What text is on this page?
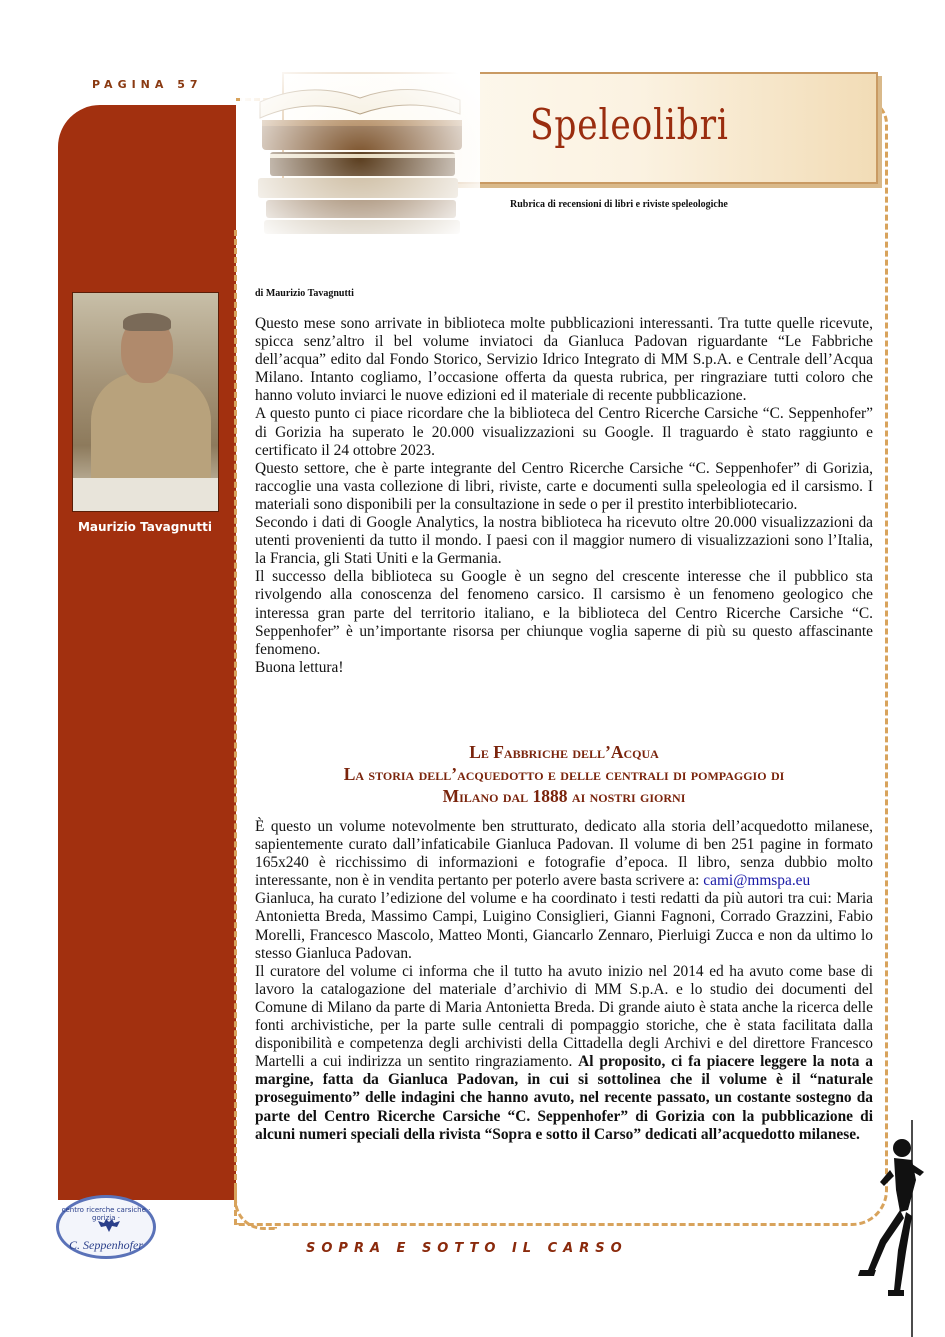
PAGINA 57
Speleolibri
Rubrica di recensioni di libri e riviste speleologiche
Maurizio Tavagnutti
di Maurizio Tavagnutti

Questo mese sono arrivate in biblioteca molte pubblicazioni interessanti. Tra tutte quelle ricevute, spicca senz’altro il bel volume inviatoci da Gianluca Padovan riguardante “Le Fabbriche dell’acqua” edito dal Fondo Storico, Servizio Idrico Integrato di MM S.p.A. e Centrale dell’Acqua Milano. Intanto cogliamo, l’occasione offerta da questa rubrica, per ringraziare tutti coloro che hanno voluto inviarci le nuove edizioni ed il materiale di recente pubblicazione.

A questo punto ci piace ricordare che la biblioteca del Centro Ricerche Carsiche “C. Seppenhofer” di Gorizia ha superato le 20.000 visualizzazioni su Google. Il traguardo è stato raggiunto e certificato il 24 ottobre 2023.

Questo settore, che è parte integrante del Centro Ricerche Carsiche “C. Seppenhofer” di Gorizia, raccoglie una vasta collezione di libri, riviste, carte e documenti sulla speleologia ed il carsismo. I materiali sono disponibili per la consultazione in sede o per il prestito interbibliotecario.

Secondo i dati di Google Analytics, la nostra biblioteca ha ricevuto oltre 20.000 visualizzazioni da utenti provenienti da tutto il mondo. I paesi con il maggior numero di visualizzazioni sono l’Italia, la Francia, gli Stati Uniti e la Germania.

Il successo della biblioteca su Google è un segno del crescente interesse che il pubblico sta rivolgendo alla conoscenza del fenomeno carsico. Il carsismo è un fenomeno geologico che interessa gran parte del territorio italiano, e la biblioteca del Centro Ricerche Carsiche “C. Seppenhofer” è un’importante risorsa per chiunque voglia saperne di più su questo affascinante fenomeno.

Buona lettura!

Le Fabbriche dell’Acqua
La storia dell’acquedotto e delle centrali di pompaggio di
Milano dal 1888 ai nostri giorni

È questo un volume notevolmente ben strutturato, dedicato alla storia dell’acquedotto milanese, sapientemente curato dall’infaticabile Gianluca Padovan. Il volume di ben 251 pagine in formato 165x240 è ricchissimo di informazioni e fotografie d’epoca. Il libro, senza dubbio molto interessante, non è in vendita pertanto per poterlo avere basta scrivere a: cami@mmspa.eu

Gianluca, ha curato l’edizione del volume e ha coordinato i testi redatti da più autori tra cui: Maria Antonietta Breda, Massimo Campi, Luigino Consiglieri, Gianni Fagnoni, Corrado Grazzini, Fabio Morelli, Francesco Mascolo, Matteo Monti, Giancarlo Zennaro, Pierluigi Zucca e non da ultimo lo stesso Gianluca Padovan.

Il curatore del volume ci informa che il tutto ha avuto inizio nel 2014 ed ha avuto come base di lavoro la catalogazione del materiale d’archivio di MM S.p.A. e lo studio dei documenti del Comune di Milano da parte di Maria Antonietta Breda. Di grande aiuto è stata anche la ricerca delle fonti archivistiche, per la parte sulle centrali di pompaggio storiche, che è stata facilitata dalla disponibilità e competenza degli archivisti della Cittadella degli Archivi e del direttore Francesco Martelli a cui indirizza un sentito ringraziamento. Al proposito, ci fa piacere leggere la nota a margine, fatta da Gianluca Padovan, in cui si sottolinea che il volume è il “naturale proseguimento” delle indagini che hanno avuto, nel recente passato, un costante sostegno da parte del Centro Ricerche Carsiche “C. Seppenhofer” di Gorizia con la pubblicazione di alcuni numeri speciali della rivista “Sopra e sotto il Carso” dedicati all’acquedotto milanese.

centro ricerche carsiche · gorizia ·
C. Seppenhofer	SOPRA E SOTTO IL CARSO
